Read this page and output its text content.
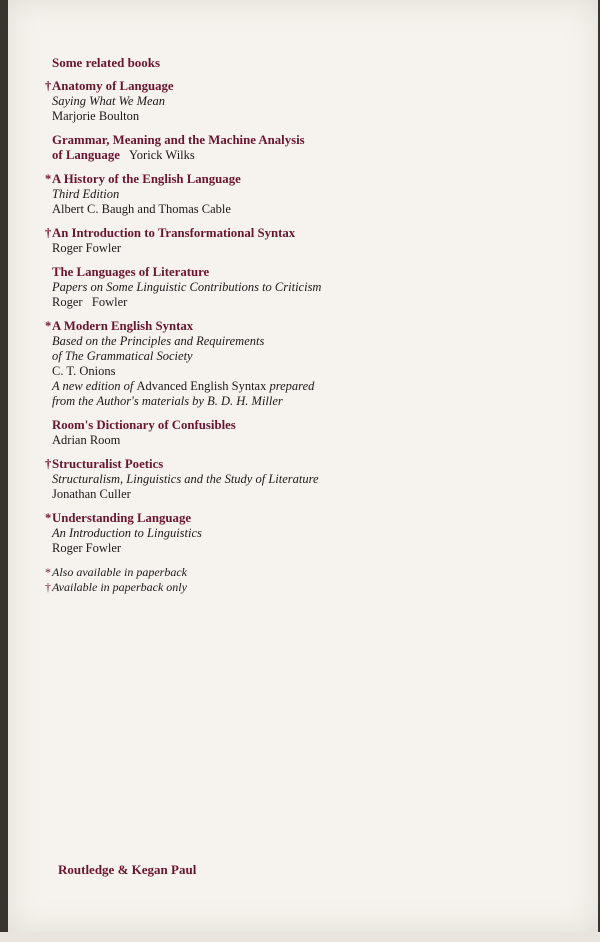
Some related books
† Anatomy of Language
Saying What We Mean
Marjorie Boulton
Grammar, Meaning and the Machine Analysis
of Language Yorick Wilks
* A History of the English Language
Third Edition
Albert C. Baugh and Thomas Cable
† An Introduction to Transformational Syntax
Roger Fowler
The Languages of Literature
Papers on Some Linguistic Contributions to Criticism
Roger   Fowler
* A Modern English Syntax
Based on the Principles and Requirements
of The Grammatical Society
C. T. Onions
A new edition of Advanced English Syntax prepared
from the Author's materials by B. D. H. Miller
Room's Dictionary of Confusibles
Adrian Room
† Structuralist Poetics
Structuralism, Linguistics and the Study of Literature
Jonathan Culler
* Understanding Language
An Introduction to Linguistics
Roger Fowler
* Also available in paperback
† Available in paperback only
Routledge & Kegan Paul
